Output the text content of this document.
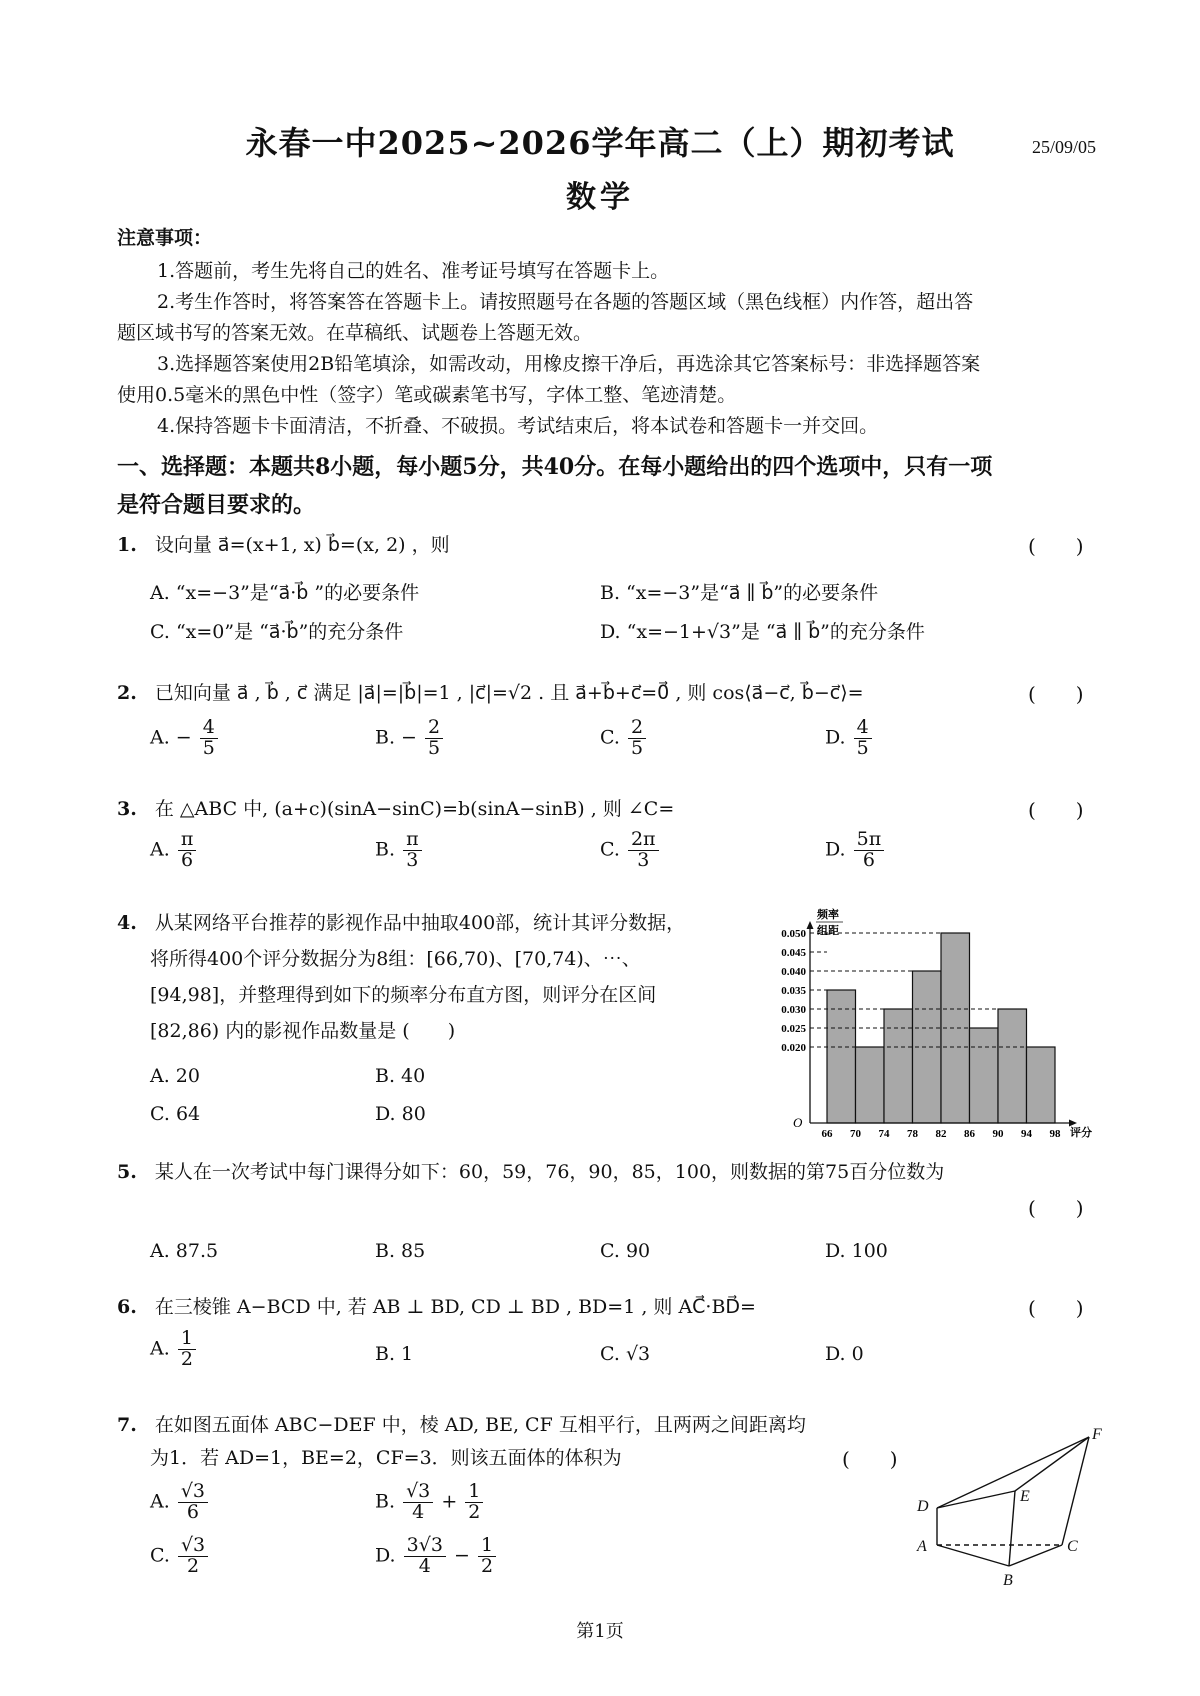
永春一中2025~2026学年高二（上）期初考试	25/09/05
数学
注意事项：
1.答题前，考生先将自己的姓名、准考证号填写在答题卡上。
2.考生作答时，将答案答在答题卡上。请按照题号在各题的答题区域（黑色线框）内作答，超出答
题区域书写的答案无效。在草稿纸、试题卷上答题无效。
3.选择题答案使用2B铅笔填涂，如需改动，用橡皮擦干净后，再选涂其它答案标号：非选择题答案
使用0.5毫米的黑色中性（签字）笔或碳素笔书写，字体工整、笔迹清楚。
4.保持答题卡卡面清洁，不折叠、不破损。考试结束后，将本试卷和答题卡一并交回。
一、选择题：本题共8小题，每小题5分，共40分。在每小题给出的四个选项中，只有一项
是符合题目要求的。
1. 设向量 a⃗=(x+1, x) b⃗=(x, 2) ，则	(　　)
A. “x=−3”是“a⃗·b⃗ ”的必要条件	B. “x=−3”是“a⃗ ∥ b⃗”的必要条件
C. “x=0”是 “a⃗·b⃗”的充分条件	D. “x=−1+√3”是 “a⃗ ∥ b⃗”的充分条件
2. 已知向量 a⃗ , b⃗ , c⃗ 满足 |a⃗|=|b⃗|=1 , |c⃗|=√2 . 且 a⃗+b⃗+c⃗=0⃗ , 则 cos⟨a⃗−c⃗, b⃗−c⃗⟩=	(　　)
A. − $\frac{4}{5}$	B. − $\frac{2}{5}$	C. $\frac{2}{5}$	D. $\frac{4}{5}$
3. 在 △ABC 中, (a+c)(sinA−sinC)=b(sinA−sinB) , 则 ∠C=	(　　)
A. $\frac{\pi}{6}$	B. $\frac{\pi}{3}$	C. $\frac{2\pi}{3}$	D. $\frac{5\pi}{6}$
4. 从某网络平台推荐的影视作品中抽取400部，统计其评分数据，
将所得400个评分数据分为8组：[66,70)、[70,74)、⋯、
[94,98]，并整理得到如下的频率分布直方图，则评分在区间
[82,86) 内的影视作品数量是 (　　)
A. 20	B. 40
C. 64	D. 80
0.050
0.045
0.040
0.035
0.030
0.025
0.020
66 70 74 78 82 86 90 94 98
频率
组距
O
评分
5. 某人在一次考试中每门课得分如下：60，59，76，90，85，100，则数据的第75百分位数为
(　　)
A. 87.5	B. 85	C. 90	D. 100
6. 在三棱锥 A−BCD 中, 若 AB ⊥ BD, CD ⊥ BD , BD=1 , 则 AC⃗·BD⃗=	(　　)
A. $\frac{1}{2}$	B. 1	C. √3	D. 0
7. 在如图五面体 ABC−DEF 中，棱 AD, BE, CF 互相平行，且两两之间距离均
为1．若 AD=1，BE=2，CF=3．则该五面体的体积为	(　　)
A. $\frac{√3}{6}$	B. $\frac{√3}{4} + \frac{1}{2}$
C. $\frac{√3}{2}$	D. $\frac{3√3}{4} - \frac{1}{2}$
F
D
E
A	C
B
第1页
